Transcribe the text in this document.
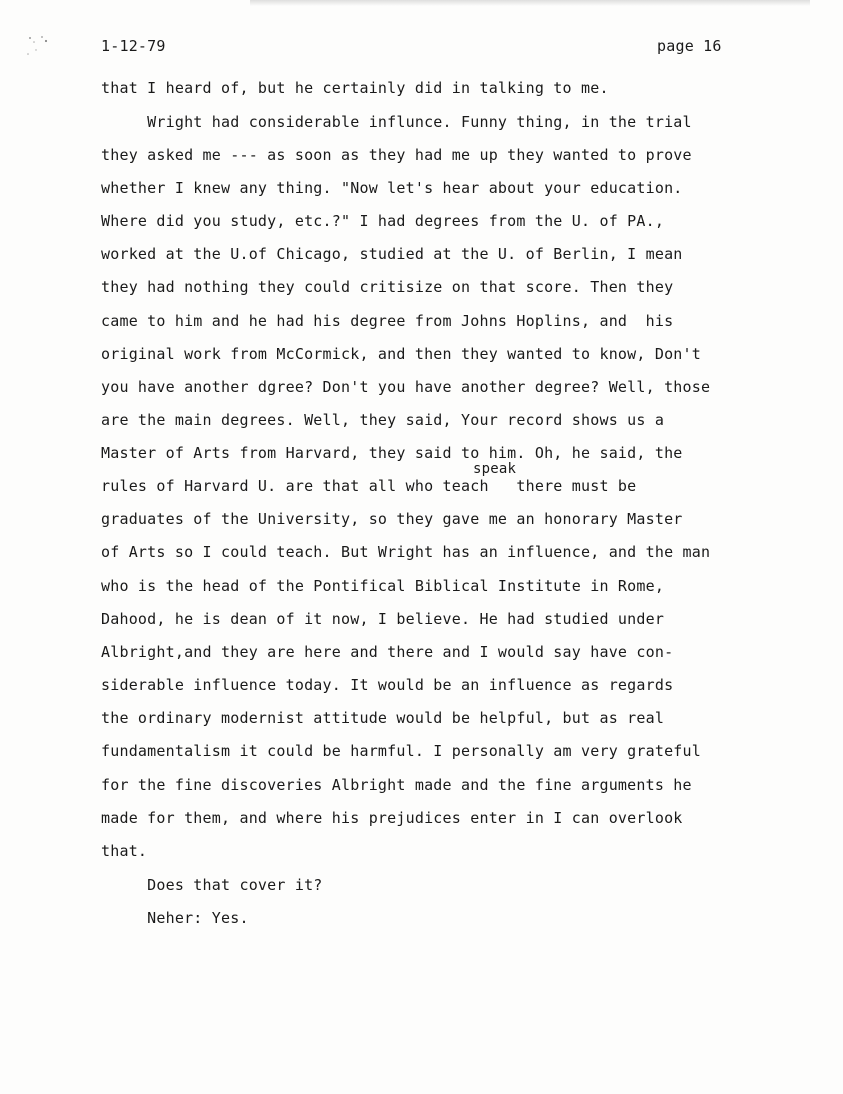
1-12-79	page 16
that I heard of, but he certainly did in talking to me.
Wright had considerable influnce. Funny thing, in the trial
they asked me --- as soon as they had me up they wanted to prove
whether I knew any thing. "Now let's hear about your education.
Where did you study, etc.?" I had degrees from the U. of PA.,
worked at the U.of Chicago, studied at the U. of Berlin, I mean
they had nothing they could critisize on that score. Then they
came to him and he had his degree from Johns Hoplins, and  his
original work from McCormick, and then they wanted to know, Don't
you have another dgree? Don't you have another degree? Well, those
are the main degrees. Well, they said, Your record shows us a
Master of Arts from Harvard, they said to him. Oh, he said, the
speak
rules of Harvard U. are that all who teach   there must be
graduates of the University, so they gave me an honorary Master
of Arts so I could teach. But Wright has an influence, and the man
who is the head of the Pontifical Biblical Institute in Rome,
Dahood, he is dean of it now, I believe. He had studied under
Albright,and they are here and there and I would say have con-
siderable influence today. It would be an influence as regards
the ordinary modernist attitude would be helpful, but as real
fundamentalism it could be harmful. I personally am very grateful
for the fine discoveries Albright made and the fine arguments he
made for them, and where his prejudices enter in I can overlook
that.
Does that cover it?
Neher: Yes.
